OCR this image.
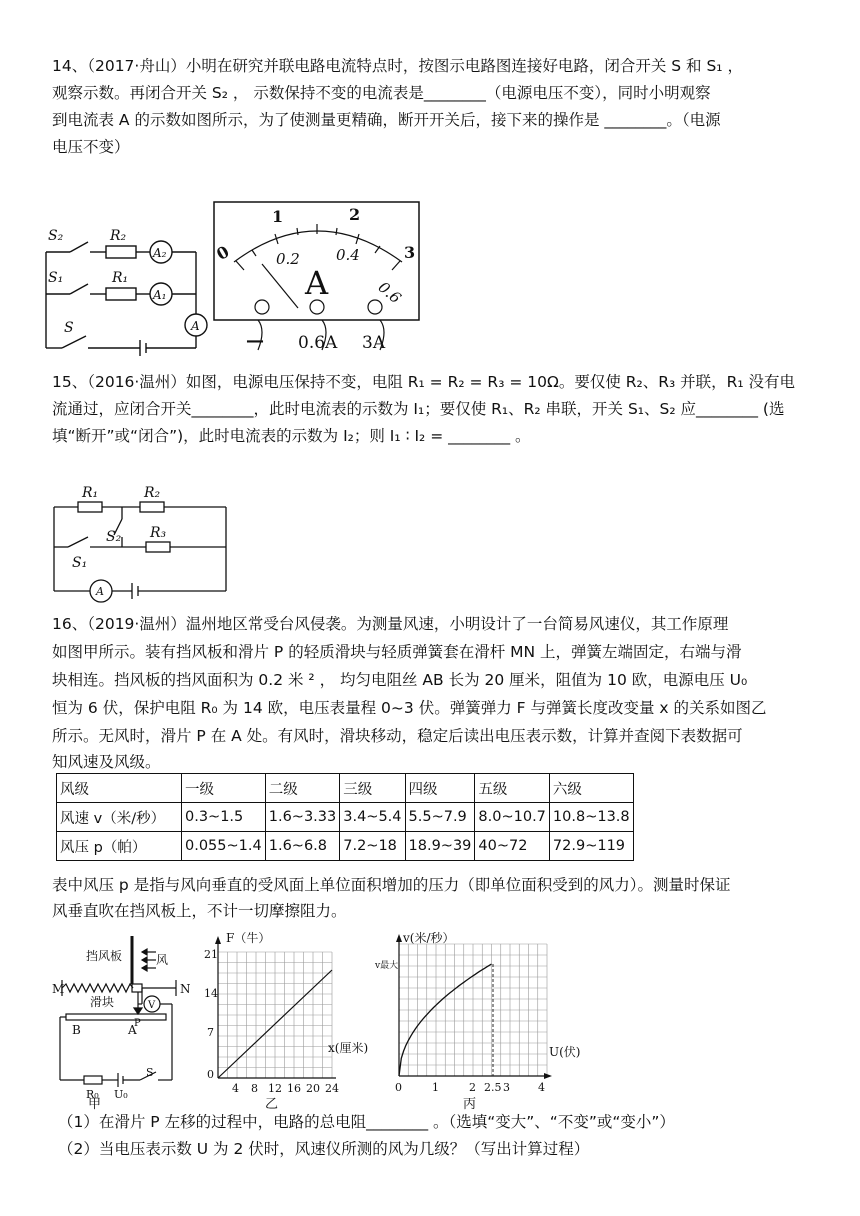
14、（2017·舟山）小明在研究并联电路电流特点时，按图示电路图连接好电路，闭合开关 S 和 S₁ ，
观察示数。再闭合开关 S₂ ， 示数保持不变的电流表是________（电源电压不变），同时小明观察
到电流表 A 的示数如图所示，为了使测量更精确，断开开关后，接下来的操作是 ________。（电源
电压不变）
S₂	R₂
A₂
S₁	R₁
A₁
A
S
0
1	2
3
0.2 0.4
0.6
A
— 0.6A 3A
15、（2016·温州）如图，电源电压保持不变，电阻 R₁ = R₂ = R₃ = 10Ω。要仅使 R₂、R₃ 并联，R₁ 没有电
流通过，应闭合开关________，此时电流表的示数为 I₁；要仅使 R₁、R₂ 串联，开关 S₁、S₂ 应________ (选
填“断开”或“闭合”)，此时电流表的示数为 I₂；则 I₁ ∶ I₂ = ________ 。
R₁	R₂
R₃
S₁
S₂
A
16、（2019·温州）温州地区常受台风侵袭。为测量风速，小明设计了一台简易风速仪，其工作原理
如图甲所示。装有挡风板和滑片 P 的轻质滑块与轻质弹簧套在滑杆 MN 上，弹簧左端固定，右端与滑
块相连。挡风板的挡风面积为 0.2 米 ² ， 均匀电阻丝 AB 长为 20 厘米，阻值为 10 欧，电源电压 U₀
恒为 6 伏，保护电阻 R₀ 为 14 欧，电压表量程 0~3 伏。弹簧弹力 F 与弹簧长度改变量 x 的关系如图乙
所示。无风时，滑片 P 在 A 处。有风时，滑块移动，稳定后读出电压表示数，计算并查阅下表数据可
知风速及风级。
风级	一级	二级	三级	四级	五级	六级
风速 v（米/秒）	0.3~1.5	1.6~3.33	3.4~5.4	5.5~7.9	8.0~10.7	10.8~13.8
风压 p（帕）	0.055~1.4	1.6~6.8	7.2~18	18.9~39	40~72	72.9~119
表中风压 p 是指与风向垂直的受风面上单位面积增加的压力（即单位面积受到的风力）。测量时保证
风垂直吹在挡风板上，不计一切摩擦阻力。
挡风板	风
M	N
滑块	V
P
B	A
R₀ U₀
S
甲
F（牛）
x(厘米)
21
14
7
0
4 8 12 16 20 24
乙
v(米/秒）
v最大
U(伏)
0	1	2 2.5 3	4
丙
（1）在滑片 P 左移的过程中，电路的总电阻________ 。（选填“变大”、“不变”或“变小”）
（2）当电压表示数 U 为 2 伏时，风速仪所测的风为几级？（写出计算过程）
